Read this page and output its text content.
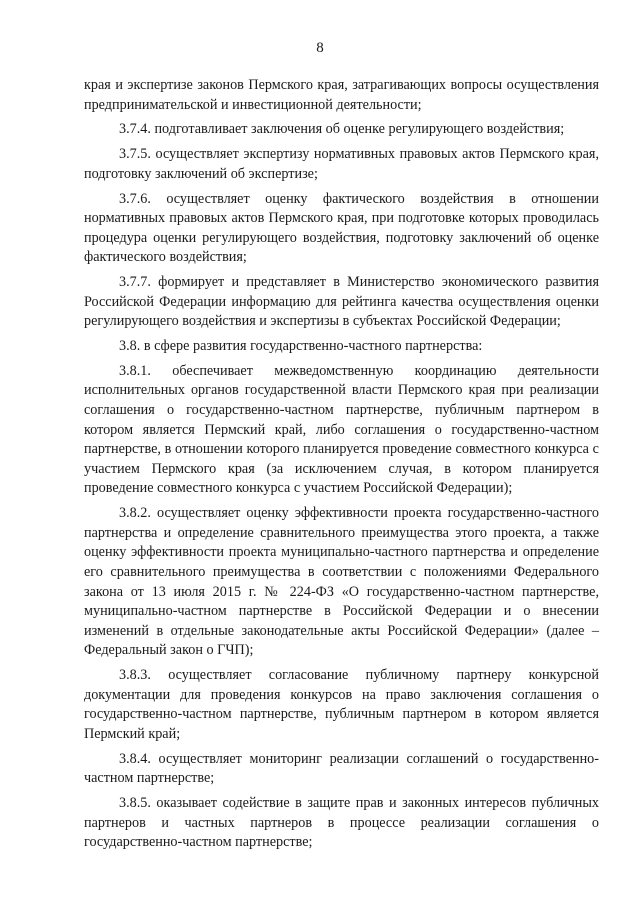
8

края и экспертизе законов Пермского края, затрагивающих вопросы осуществления предпринимательской и инвестиционной деятельности;

3.7.4. подготавливает заключения об оценке регулирующего воздействия;

3.7.5. осуществляет экспертизу нормативных правовых актов Пермского края, подготовку заключений об экспертизе;

3.7.6. осуществляет оценку фактического воздействия в отношении нормативных правовых актов Пермского края, при подготовке которых проводилась процедура оценки регулирующего воздействия, подготовку заключений об оценке фактического воздействия;

3.7.7. формирует и представляет в Министерство экономического развития Российской Федерации информацию для рейтинга качества осуществления оценки регулирующего воздействия и экспертизы в субъектах Российской Федерации;

3.8. в сфере развития государственно-частного партнерства:

3.8.1. обеспечивает межведомственную координацию деятельности исполнительных органов государственной власти Пермского края при реализации соглашения о государственно-частном партнерстве, публичным партнером в котором является Пермский край, либо соглашения о государственно-частном партнерстве, в отношении которого планируется проведение совместного конкурса с участием Пермского края (за исключением случая, в котором планируется проведение совместного конкурса с участием Российской Федерации);

3.8.2. осуществляет оценку эффективности проекта государственно-частного партнерства и определение сравнительного преимущества этого проекта, а также оценку эффективности проекта муниципально-частного партнерства и определение его сравнительного преимущества в соответствии с положениями Федерального закона от 13 июля 2015 г. № 224-ФЗ «О государственно-частном партнерстве, муниципально-частном партнерстве в Российской Федерации и о внесении изменений в отдельные законодательные акты Российской Федерации» (далее – Федеральный закон о ГЧП);

3.8.3. осуществляет согласование публичному партнеру конкурсной документации для проведения конкурсов на право заключения соглашения о государственно-частном партнерстве, публичным партнером в котором является Пермский край;

3.8.4. осуществляет мониторинг реализации соглашений о государственно-частном партнерстве;

3.8.5. оказывает содействие в защите прав и законных интересов публичных партнеров и частных партнеров в процессе реализации соглашения о государственно-частном партнерстве;
